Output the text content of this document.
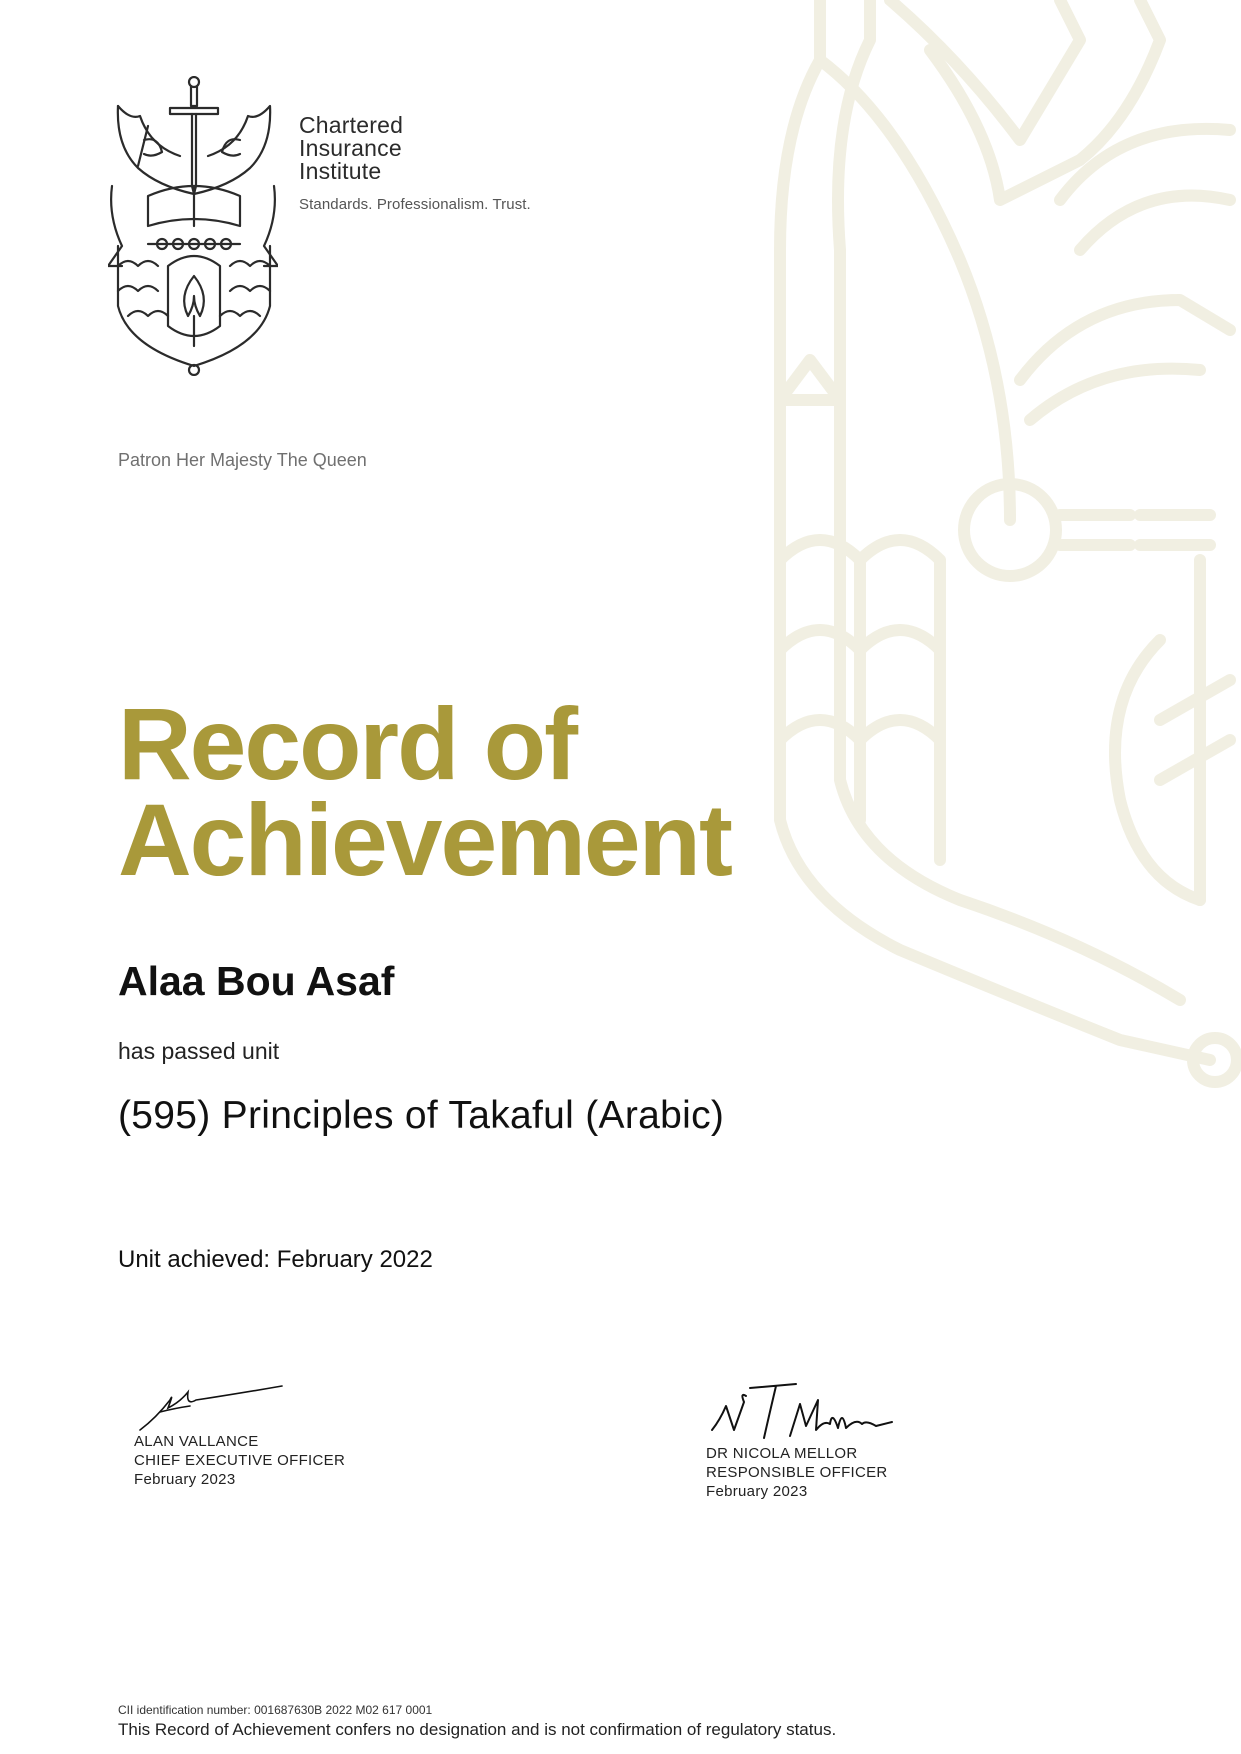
Chartered
Insurance
Institute
Standards. Professionalism. Trust.
Patron Her Majesty The Queen
Record of
Achievement
Alaa Bou Asaf
has passed unit
(595) Principles of Takaful (Arabic)
Unit achieved: February 2022
ALAN VALLANCE
CHIEF EXECUTIVE OFFICER
February 2023
DR NICOLA MELLOR
RESPONSIBLE OFFICER
February 2023
CII identification number: 001687630B 2022 M02 617 0001
This Record of Achievement confers no designation and is not confirmation of regulatory status.
